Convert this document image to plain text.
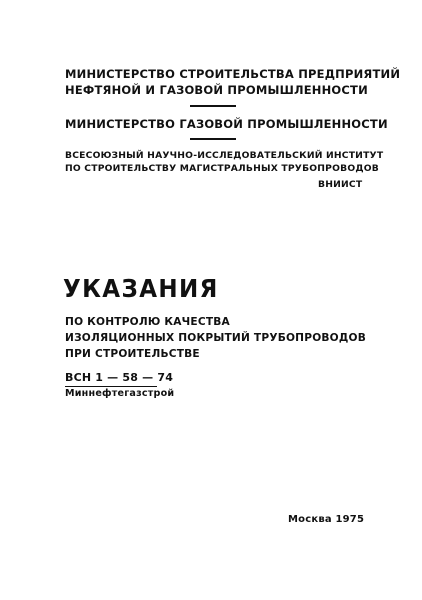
МИНИСТЕРСТВО СТРОИТЕЛЬСТВА ПРЕДПРИЯТИЙ
НЕФТЯНОЙ И ГАЗОВОЙ ПРОМЫШЛЕННОСТИ
МИНИСТЕРСТВО ГАЗОВОЙ ПРОМЫШЛЕННОСТИ
ВСЕСОЮЗНЫЙ НАУЧНО-ИССЛЕДОВАТЕЛЬСКИЙ ИНСТИТУТ
ПО СТРОИТЕЛЬСТВУ МАГИСТРАЛЬНЫХ ТРУБОПРОВОДОВ
ВНИИСТ
УКАЗАНИЯ
ПО КОНТРОЛЮ КАЧЕСТВА
ИЗОЛЯЦИОННЫХ ПОКРЫТИЙ ТРУБОПРОВОДОВ
ПРИ СТРОИТЕЛЬСТВЕ
ВСН 1 — 58 — 74
Миннефтегазстрой
Москва 1975
